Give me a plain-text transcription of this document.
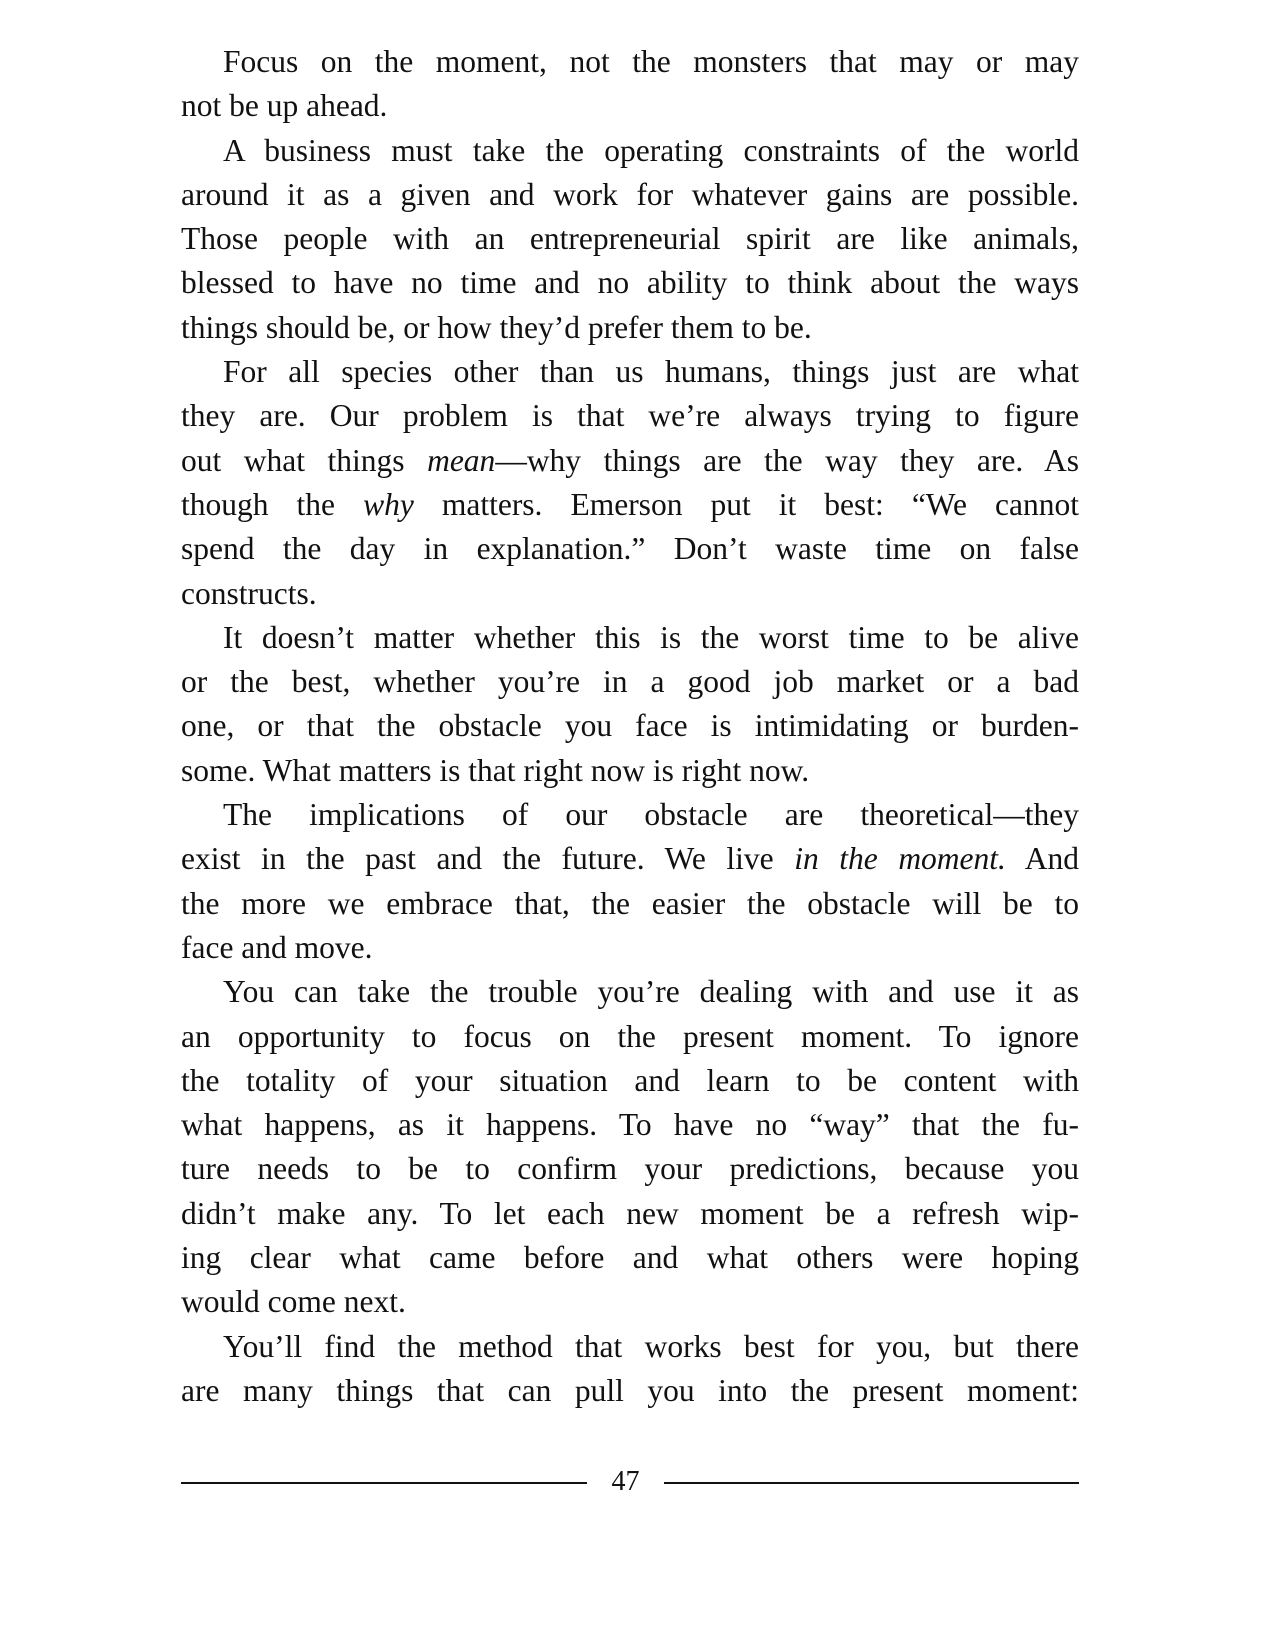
Focus on the moment, not the monsters that may or may
not be up ahead.

A business must take the operating constraints of the world
around it as a given and work for whatever gains are possible.
Those people with an entrepreneurial spirit are like animals,
blessed to have no time and no ability to think about the ways
things should be, or how they’d prefer them to be.

For all species other than us humans, things just are what
they are. Our problem is that we’re always trying to figure
out what things mean—why things are the way they are. As
though the why matters. Emerson put it best: “We cannot
spend the day in explanation.” Don’t waste time on false
constructs.

It doesn’t matter whether this is the worst time to be alive
or the best, whether you’re in a good job market or a bad
one, or that the obstacle you face is intimidating or burden-
some. What matters is that right now is right now.

The implications of our obstacle are theoretical—they
exist in the past and the future. We live in the moment. And
the more we embrace that, the easier the obstacle will be to
face and move.

You can take the trouble you’re dealing with and use it as
an opportunity to focus on the present moment. To ignore
the totality of your situation and learn to be content with
what happens, as it happens. To have no “way” that the fu-
ture needs to be to confirm your predictions, because you
didn’t make any. To let each new moment be a refresh wip-
ing clear what came before and what others were hoping
would come next.

You’ll find the method that works best for you, but there
are many things that can pull you into the present moment:

47
